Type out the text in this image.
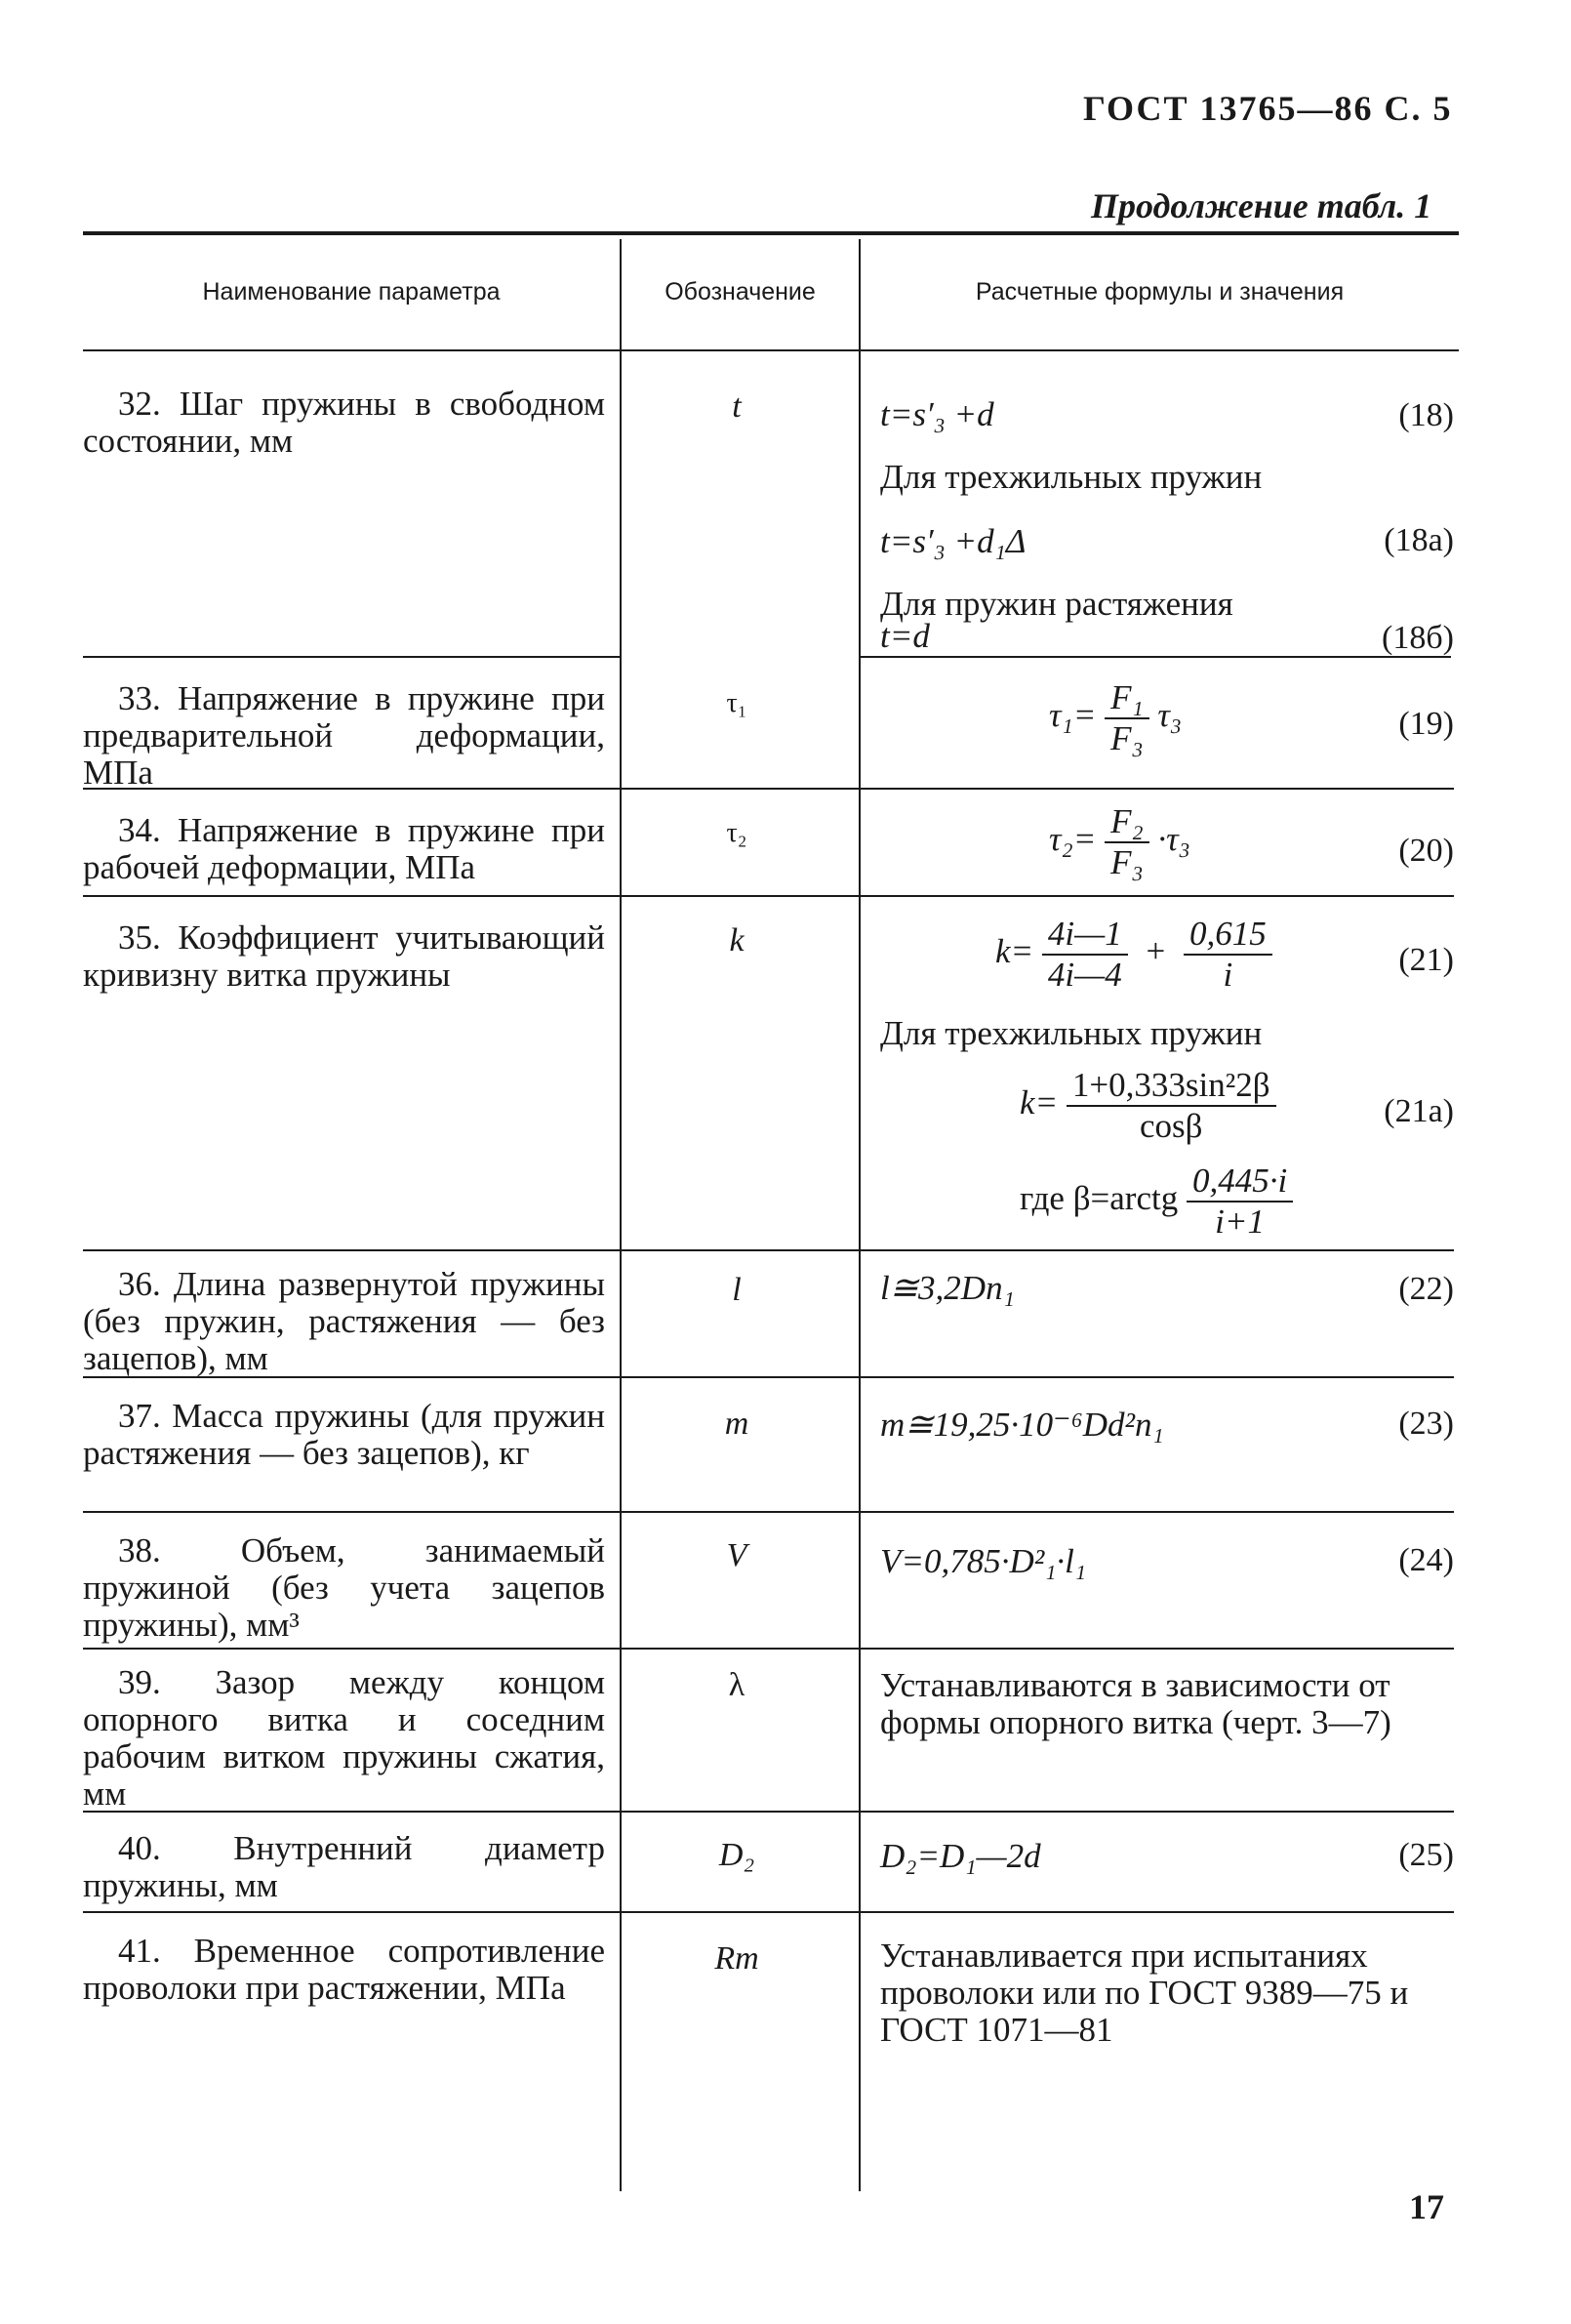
ГОСТ 13765—86 С. 5
Продолжение табл. 1
Наименование параметра	Обозначение	Расчетные формулы и значения
32. Шаг пружины в свободном состоянии, мм
t	t=s′₃ +d	(18)
Для трехжильных пружин
t=s′₃ +d₁Δ	(18а)
Для пружин растяжения
t=d	(18б)
33. Напряжение в пружине при предварительной деформации, МПа
τ₁	$\tau_1= \frac{\text{F₁}}{\text{F₃}} \tau_3$	(19)
34. Напряжение в пружине при рабочей деформации, МПа
τ₂	$\tau_2= \frac{\text{F₂}}{\text{F₃}} \cdot\tau_3$	(20)
35. Коэффициент учитывающий кривизну витка пружины
k	$k= \frac{4i—1}{4i—4} + \frac{0,615}{i}$	(21)
Для трехжильных пружин
$k= \frac{\text{1+0,333sin²2β}}{\cos\beta}$	(21а)
где β=arctg $\frac{0,445\cdot i}{i+1}$
36. Длина развернутой пружины (без пружин, растяжения — без зацепов), мм
l	l≅3,2Dn₁	(22)
37. Масса пружины (для пружин растяжения — без зацепов), кг
m	m≅19,25·10⁻⁶Dd²n₁	(23)
38. Объем, занимаемый пружиной (без учета зацепов пружины), мм³
V	V=0,785·D²₁·l₁	(24)
39. Зазор между концом опорного витка и соседним рабочим витком пружины сжатия, мм
λ	Устанавливаются в зависимости от формы опорного витка (черт. 3—7)
40. Внутренний диаметр пружины, мм
D₂	D₂=D₁—2d	(25)
41. Временное сопротивление проволоки при растяжении, МПа
Rm	Устанавливается при испытаниях проволоки или по ГОСТ 9389—75 и ГОСТ 1071—81
17
